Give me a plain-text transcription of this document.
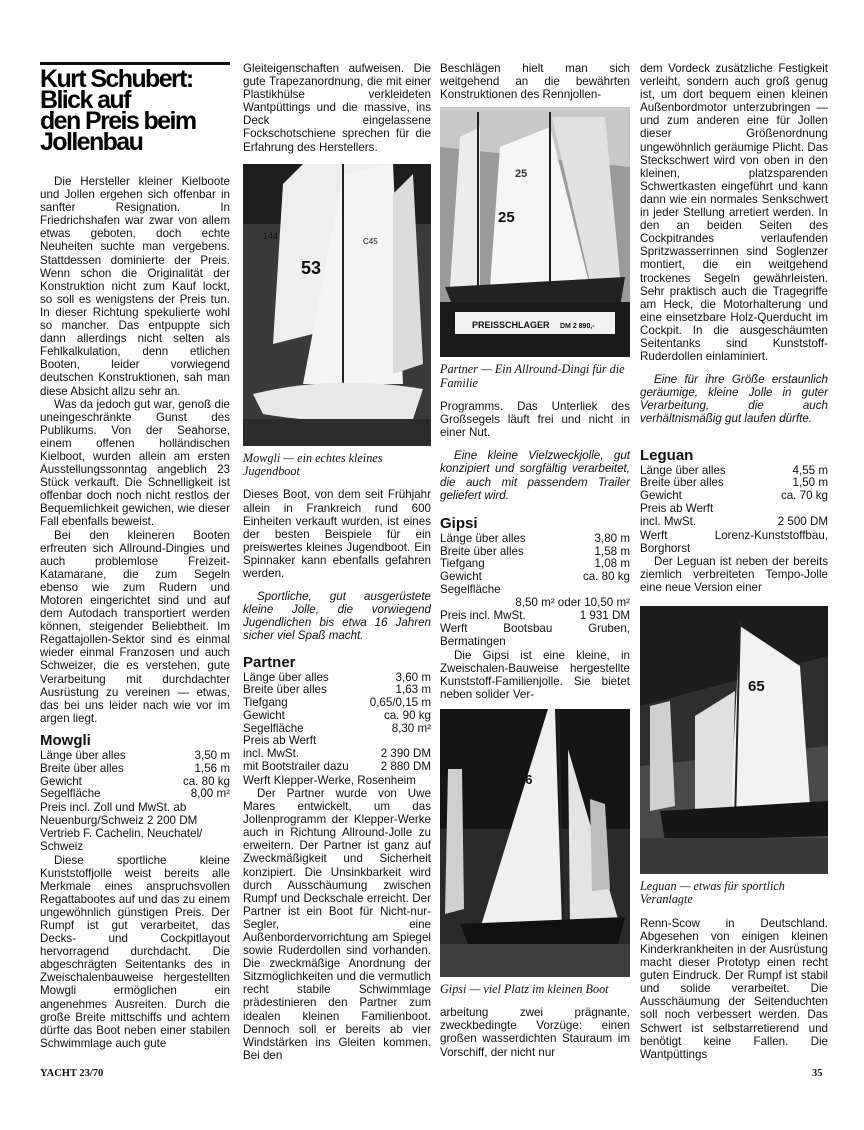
Kurt Schubert:
Blick auf
den Preis beim
Jollenbau

Die Hersteller kleiner Kielboote und Jollen ergehen sich offenbar in sanfter Resignation. In Friedrichshafen war zwar von allem etwas geboten, doch echte Neuheiten suchte man vergebens. Stattdessen dominierte der Preis. Wenn schon die Originalität der Konstruktion nicht zum Kauf lockt, so soll es wenigstens der Preis tun. In dieser Richtung spekulierte wohl so mancher. Das entpuppte sich dann allerdings nicht selten als Fehlkalkulation, denn etlichen Booten, leider vorwiegend deutschen Konstruktionen, sah man diese Absicht allzu sehr an.

Was da jedoch gut war, genoß die uneingeschränkte Gunst des Publikums. Von der Seahorse, einem offenen holländischen Kielboot, wurden allein am ersten Ausstellungssonntag angeblich 23 Stück verkauft. Die Schnelligkeit ist offenbar doch noch nicht restlos der Bequemlichkeit gewichen, wie dieser Fall ebenfalls beweist.

Bei den kleineren Booten erfreuten sich Allround-Dingies und auch problemlose Freizeit-Katamarane, die zum Segeln ebenso wie zum Rudern und Motoren eingerichtet sind und auf dem Autodach transportiert werden können, steigender Beliebtheit. Im Regattajollen-Sektor sind es einmal wieder einmal Franzosen und auch Schweizer, die es verstehen, gute Verarbeitung mit durchdachter Ausrüstung zu vereinen — etwas, das bei uns leider nach wie vor im argen liegt.

Mowgli
Länge über alles	3,50 m
Breite über alles	1,56 m
Gewicht	ca. 80 kg
Segelfläche	8,00 m²
Preis incl. Zoll und MwSt. ab
Neuenburg/Schweiz 2 200 DM
Vertrieb F. Cachelin, Neuchatel/
Schweiz

Diese sportliche kleine Kunststoffjolle weist bereits alle Merkmale eines anspruchsvollen Regattabootes auf und das zu einem ungewöhnlich günstigen Preis. Der Rumpf ist gut verarbeitet, das Decks- und Cockpitlayout hervorragend durchdacht. Die abgeschrägten Seitentanks des in Zweischalenbauweise hergestellten Mowgli ermöglichen ein angenehmes Ausreiten. Durch die große Breite mittschiffs und achtern dürfte das Boot neben einer stabilen Schwimmlage auch gute

Gleiteigenschaften aufweisen. Die gute Trapezanordnung, die mit einer Plastikhülse verkleideten Wantpüttings und die massive, ins Deck eingelassene Fockschotschiene sprechen für die Erfahrung des Herstellers.

53
144
C45
Mowgli — ein echtes kleines Jugendboot

Dieses Boot, von dem seit Frühjahr allein in Frankreich rund 600 Einheiten verkauft wurden, ist eines der besten Beispiele für ein preiswertes kleines Jugendboot. Ein Spinnaker kann ebenfalls gefahren werden.

Sportliche, gut ausgerüstete kleine Jolle, die vorwiegend Jugendlichen bis etwa 16 Jahren sicher viel Spaß macht.

Partner
Länge über alles	3,60 m
Breite über alles	1,63 m
Tiefgang	0,65/0,15 m
Gewicht	ca. 90 kg
Segelfläche	8,30 m²
Preis ab Werft	
incl. MwSt.	2 390 DM
mit Bootstrailer dazu	2 880 DM
Werft Klepper-Werke, Rosenheim

Der Partner wurde von Uwe Mares entwickelt, um das Jollenprogramm der Klepper-Werke auch in Richtung Allround-Jolle zu erweitern. Der Partner ist ganz auf Zweckmäßigkeit und Sicherheit konzipiert. Die Unsinkbarkeit wird durch Ausschäumung zwischen Rumpf und Deckschale erreicht. Der Partner ist ein Boot für Nicht-nur-Segler, eine Außenbordervorrichtung am Spiegel sowie Ruderdollen sind vorhanden. Die zweckmäßige Anordnung der Sitzmöglichkeiten und die vermutlich recht stabile Schwimmlage prädestinieren den Partner zum idealen kleinen Familienboot. Dennoch soll er bereits ab vier Windstärken ins Gleiten kommen. Bei den

Beschlägen hielt man sich weitgehend an die bewährten Konstruktionen des Rennjollen-

PREISSCHLAGER DM 2 890,-
25
25
Partner — Ein Allround-Dingi für die Familie

Programms. Das Unterliek des Großsegels läuft frei und nicht in einer Nut.

Eine kleine Vielzweckjolle, gut konzipiert und sorgfältig verarbeitet, die auch mit passendem Trailer geliefert wird.

Gipsi
Länge über alles	3,80 m
Breite über alles	1,58 m
Tiefgang	1,08 m
Gewicht	ca. 80 kg
Segelfläche	
8,50 m² oder 10,50 m²	
Preis incl. MwSt.	1 931 DM
Werft Bootsbau Gruben, Bermatingen

Die Gipsi ist eine kleine, in Zweischalen-Bauweise hergestellte Kunststoff-Familienjolle. Sie bietet neben solider Ver-

46
Gipsi — viel Platz im kleinen Boot

arbeitung zwei prägnante, zweckbedingte Vorzüge: einen großen wasserdichten Stauraum im Vorschiff, der nicht nur

dem Vordeck zusätzliche Festigkeit verleiht, sondern auch groß genug ist, um dort bequem einen kleinen Außenbordmotor unterzubringen — und zum anderen eine für Jollen dieser Größenordnung ungewöhnlich geräumige Plicht. Das Steckschwert wird von oben in den kleinen, platzsparenden Schwertkasten eingeführt und kann dann wie ein normales Senkschwert in jeder Stellung arretiert werden. In den an beiden Seiten des Cockpitrandes verlaufenden Spritzwasserrinnen sind Soglenzer montiert, die ein weitgehend trockenes Segeln gewährleisten. Sehr praktisch auch die Tragegriffe am Heck, die Motorhalterung und eine einsetzbare Holz-Querducht im Cockpit. In die ausgeschäumten Seitentanks sind Kunststoff-Ruderdollen einlaminiert.

Eine für ihre Größe erstaunlich geräumige, kleine Jolle in guter Verarbeitung, die auch verhältnismäßig gut laufen dürfte.

Leguan
Länge über alles	4,55 m
Breite über alles	1,50 m
Gewicht	ca. 70 kg
Preis ab Werft	
incl. MwSt.	2 500 DM
Werft Lorenz-Kunststoffbau, Borghorst

Der Leguan ist neben der bereits ziemlich verbreiteten Tempo-Jolle eine neue Version einer

65
Leguan — etwas für sportlich Veranlagte

Renn-Scow in Deutschland. Abgesehen von einigen kleinen Kinderkrankheiten in der Ausrüstung macht dieser Prototyp einen recht guten Eindruck. Der Rumpf ist stabil und solide verarbeitet. Die Ausschäumung der Seitenduchten soll noch verbessert werden. Das Schwert ist selbstarretierend und benötigt keine Fallen. Die Wantpüttings

YACHT 23/70	35
